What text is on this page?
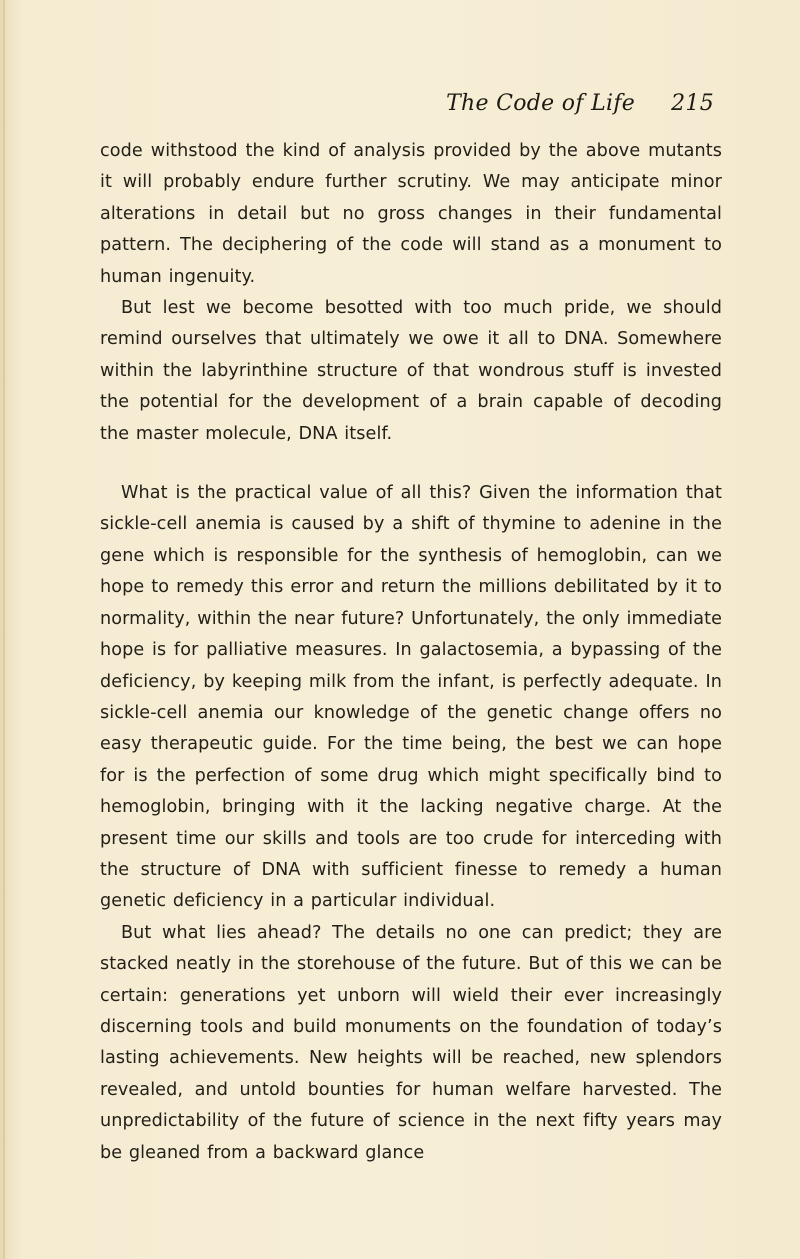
The Code of Life 215

code withstood the kind of analysis provided by the above mutants it will probably endure further scrutiny. We may anticipate minor alterations in detail but no gross changes in their fundamental pattern. The deciphering of the code will stand as a monument to human ingenuity.

But lest we become besotted with too much pride, we should remind ourselves that ultimately we owe it all to DNA. Somewhere within the labyrinthine structure of that wondrous stuff is invested the potential for the development of a brain capable of decoding the master molecule, DNA itself.

What is the practical value of all this? Given the information that sickle-cell anemia is caused by a shift of thymine to adenine in the gene which is responsible for the synthesis of hemoglobin, can we hope to remedy this error and return the millions debilitated by it to normality, within the near future? Unfortunately, the only immediate hope is for palliative measures. In galactosemia, a bypassing of the deficiency, by keeping milk from the infant, is perfectly adequate. In sickle-cell anemia our knowledge of the genetic change offers no easy therapeutic guide. For the time being, the best we can hope for is the perfection of some drug which might specifically bind to hemoglobin, bringing with it the lacking negative charge. At the present time our skills and tools are too crude for interceding with the structure of DNA with sufficient finesse to remedy a human genetic deficiency in a particular individual.

But what lies ahead? The details no one can predict; they are stacked neatly in the storehouse of the future. But of this we can be certain: generations yet unborn will wield their ever increasingly discerning tools and build monuments on the foundation of today’s lasting achievements. New heights will be reached, new splendors revealed, and untold bounties for human welfare harvested. The unpredictability of the future of science in the next fifty years may be gleaned from a backward glance
